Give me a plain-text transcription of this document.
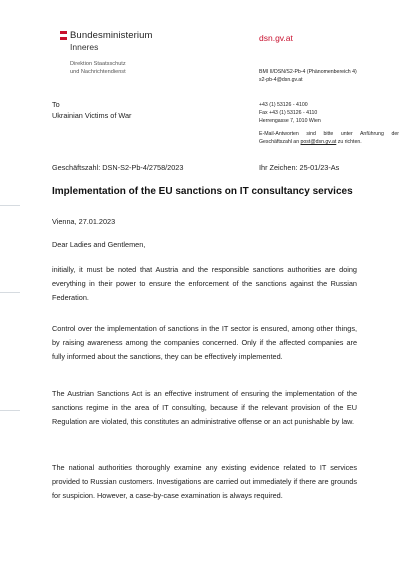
Bundesministerium
Inneres
Direktion Staatsschutz
und Nachrichtendienst
dsn.gv.at
BMI II/DSN/S2-Pb-4 (Phänomenbereich 4)
s2-pb-4@dsn.gv.at
+43 (1) 53126 - 4100
Fax +43 (1) 53126 - 4110
Herrengasse 7, 1010 Wien
E-Mail-Antworten sind bitte unter Anführung der Geschäftszahl an post@dsn.gv.at zu richten.
To
Ukrainian Victims of War
Geschäftszahl: DSN-S2-Pb-4/2758/2023	Ihr Zeichen: 25-01/23-As
Implementation of the EU sanctions on IT consultancy services
Vienna, 27.01.2023
Dear Ladies and Gentlemen,
initially, it must be noted that Austria and the responsible sanctions authorities are doing everything in their power to ensure the enforcement of the sanctions against the Russian Federation.
Control over the implementation of sanctions in the IT sector is ensured, among other things, by raising awareness among the companies concerned. Only if the affected companies are fully informed about the sanctions, they can be effectively implemented.
The Austrian Sanctions Act is an effective instrument of ensuring the implementation of the sanctions regime in the area of IT consulting, because if the relevant provision of the EU Regulation are violated, this constitutes an administrative offense or an act punishable by law.
The national authorities thoroughly examine any existing evidence related to IT services provided to Russian customers. Investigations are carried out immediately if there are grounds for suspicion. However, a case-by-case examination is always required.
